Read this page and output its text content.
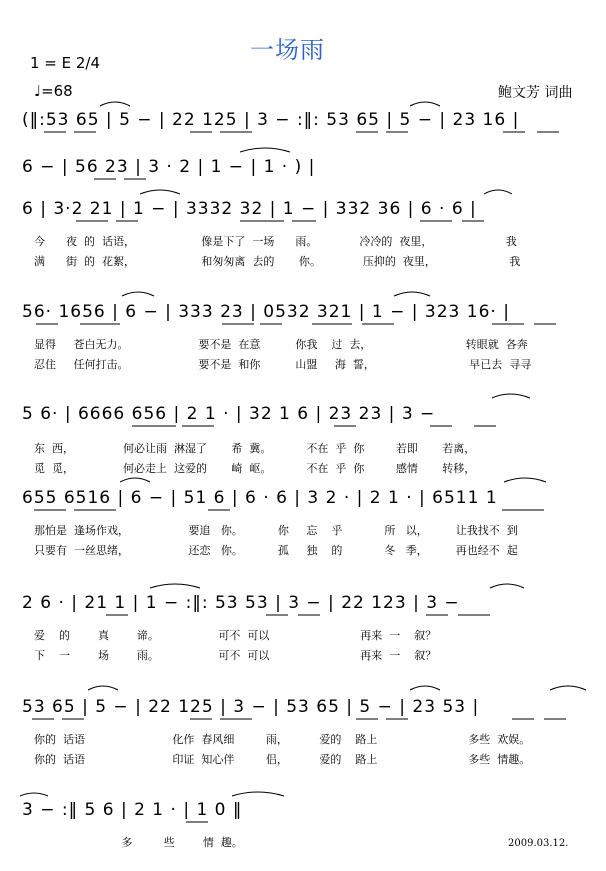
一场雨
1 = E 2/4
♩=68	鲍文芳 词曲
(‖:53 65 | 5 − | 22 125 | 3 − :‖: 53 65 | 5 − | 23 16 |
6 − | 56 23 | 3 · 2 | 1 − | 1 · ) |
6 | 3·2 21 | 1 − | 3332 32 | 1 − | 332 36 | 6 · 6 |
今      夜  的  话语，                   像是下了  一场      雨。            冷冷的  夜里，                     我
满      街  的  花絮，                   和匆匆离  去的       你。            压抑的  夜里，                     我
56· 1656 | 6 − | 333 23 | 0532 321 | 1 − | 323 16· |
显得     苍白无力。                    要不是  在意          你我    过  去，                           转眼就  各奔
忍住     任何打击。                    要不是  和你          山盟     海  誓，                           早已去  寻寻
5 6· | 6666 656 | 2 1 · | 32 1 6 | 23 23 | 3 −
东  西，              何必让雨  淋湿了       希  冀。          不在  乎  你         若即       若离，
觅  觅，              何必走上  这爱的       崎  岖。          不在  乎  你         感情       转移，
655 6516 | 6 − | 51 6 | 6 · 6 | 3 2 · | 2 1 · | 6511 1
那怕是  逢场作戏，                 要追   你。          你     忘    乎            所   以，        让我找不  到
只要有  一丝思绪，                 还恋   你。          孤     独    的            冬   季，        再也经不  起
2 6 · | 21 1 | 1 − :‖: 53 53 | 3 − | 22 123 | 3 −
爱    的        真        谛。                 可不  可以                          再来  一    叙？
下    一        场        雨。                 可不  可以                          再来  一    叙？
53 65 | 5 − | 22 125 | 3 − | 53 65 | 5 − | 23 53 |
你的  话语                         化作  春风细         雨，         爱的    路上                          多些  欢娱。
你的  话语                         印证  知心伴         侣，         爱的    路上                          多些  情趣。
3 − :‖ 5 6 | 2 1 · | 1 0 ‖
多         些        情  趣。	2009.03.12.
